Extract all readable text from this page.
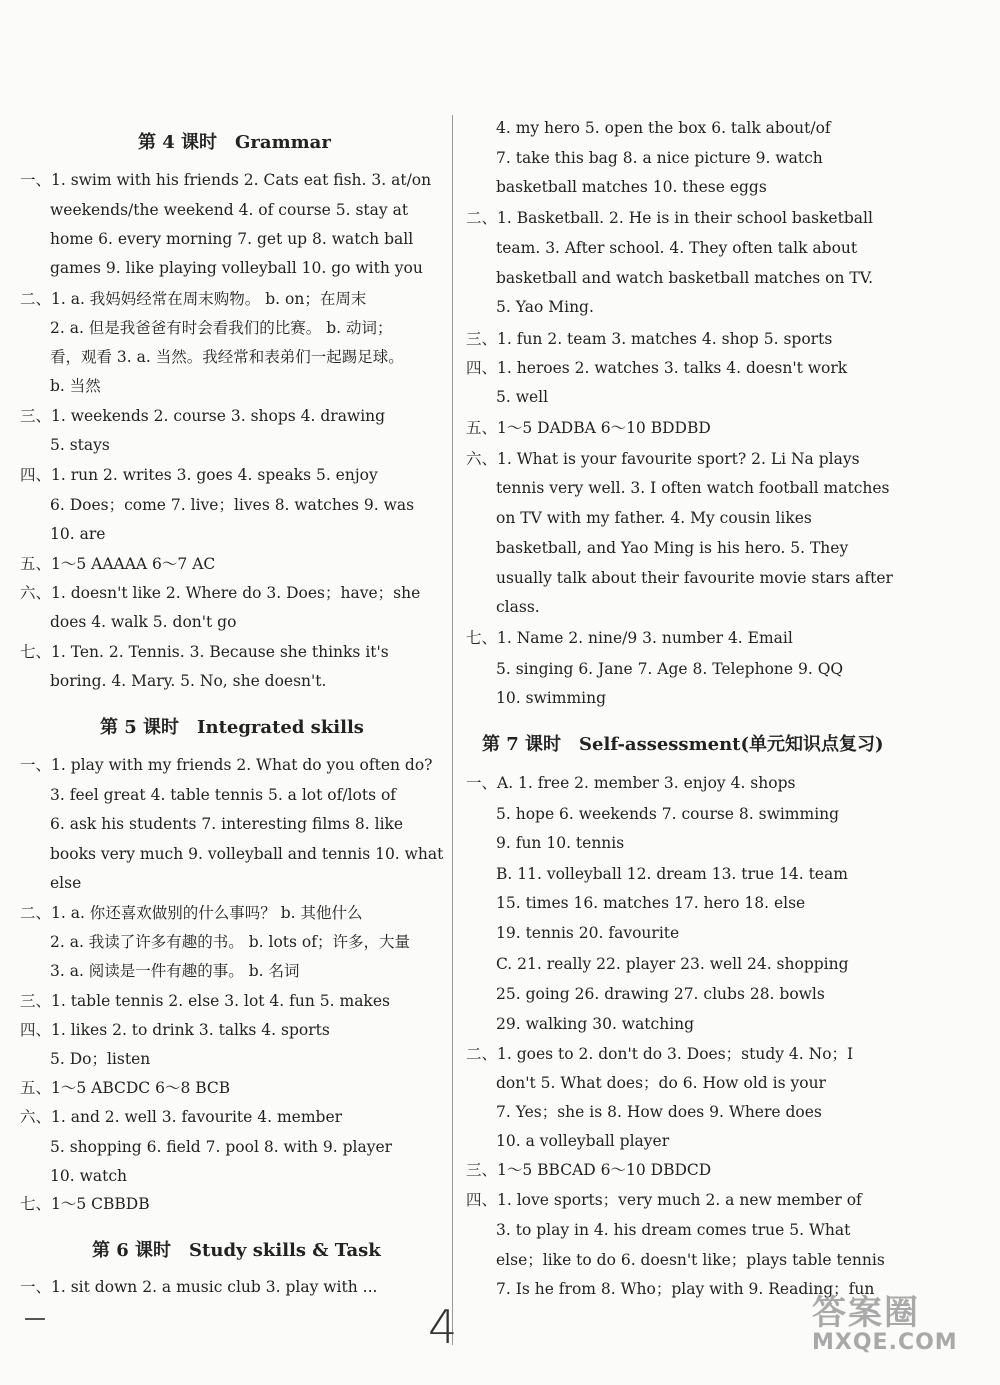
第 4 课时　Grammar
一、1. swim with his friends 2. Cats eat fish. 3. at/on
weekends/the weekend 4. of course 5. stay at
home 6. every morning 7. get up 8. watch ball
games 9. like playing volleyball 10. go with you
二、1. a. 我妈妈经常在周末购物。 b. on；在周末
2. a. 但是我爸爸有时会看我们的比赛。 b. 动词；
看，观看 3. a. 当然。我经常和表弟们一起踢足球。
b. 当然
三、1. weekends 2. course 3. shops 4. drawing
5. stays
四、1. run 2. writes 3. goes 4. speaks 5. enjoy
6. Does；come 7. live；lives 8. watches 9. was
10. are
五、1～5 AAAAA 6～7 AC
六、1. doesn't like 2. Where do 3. Does；have；she
does 4. walk 5. don't go
七、1. Ten. 2. Tennis. 3. Because she thinks it's
boring. 4. Mary. 5. No, she doesn't.
第 5 课时　Integrated skills
一、1. play with my friends 2. What do you often do?
3. feel great 4. table tennis 5. a lot of/lots of
6. ask his students 7. interesting films 8. like
books very much 9. volleyball and tennis 10. what
else
二、1. a. 你还喜欢做别的什么事吗？ b. 其他什么
2. a. 我读了许多有趣的书。 b. lots of；许多，大量
3. a. 阅读是一件有趣的事。 b. 名词
三、1. table tennis 2. else 3. lot 4. fun 5. makes
四、1. likes 2. to drink 3. talks 4. sports
5. Do；listen
五、1～5 ABCDC 6～8 BCB
六、1. and 2. well 3. favourite 4. member
5. shopping 6. field 7. pool 8. with 9. player
10. watch
七、1～5 CBBDB
第 6 课时　Study skills & Task
一、1. sit down 2. a music club 3. play with ...
4. my hero 5. open the box 6. talk about/of
7. take this bag 8. a nice picture 9. watch
basketball matches 10. these eggs
二、1. Basketball. 2. He is in their school basketball
team. 3. After school. 4. They often talk about
basketball and watch basketball matches on TV.
5. Yao Ming.
三、1. fun 2. team 3. matches 4. shop 5. sports
四、1. heroes 2. watches 3. talks 4. doesn't work
5. well
五、1～5 DADBA 6～10 BDDBD
六、1. What is your favourite sport? 2. Li Na plays
tennis very well. 3. I often watch football matches
on TV with my father. 4. My cousin likes
basketball, and Yao Ming is his hero. 5. They
usually talk about their favourite movie stars after
class.
七、1. Name 2. nine/9 3. number 4. Email
5. singing 6. Jane 7. Age 8. Telephone 9. QQ
10. swimming
第 7 课时　Self-assessment(单元知识点复习)
一、A. 1. free 2. member 3. enjoy 4. shops
5. hope 6. weekends 7. course 8. swimming
9. fun 10. tennis
B. 11. volleyball 12. dream 13. true 14. team
15. times 16. matches 17. hero 18. else
19. tennis 20. favourite
C. 21. really 22. player 23. well 24. shopping
25. going 26. drawing 27. clubs 28. bowls
29. walking 30. watching
二、1. goes to 2. don't do 3. Does；study 4. No；I
don't 5. What does；do 6. How old is your
7. Yes；she is 8. How does 9. Where does
10. a volleyball player
三、1～5 BBCAD 6～10 DBDCD
四、1. love sports；very much 2. a new member of
3. to play in 4. his dream comes true 5. What
else；like to do 6. doesn't like；plays table tennis
7. Is he from 8. Who；play with 9. Reading；fun
4	答案圈
MXQE.COM
